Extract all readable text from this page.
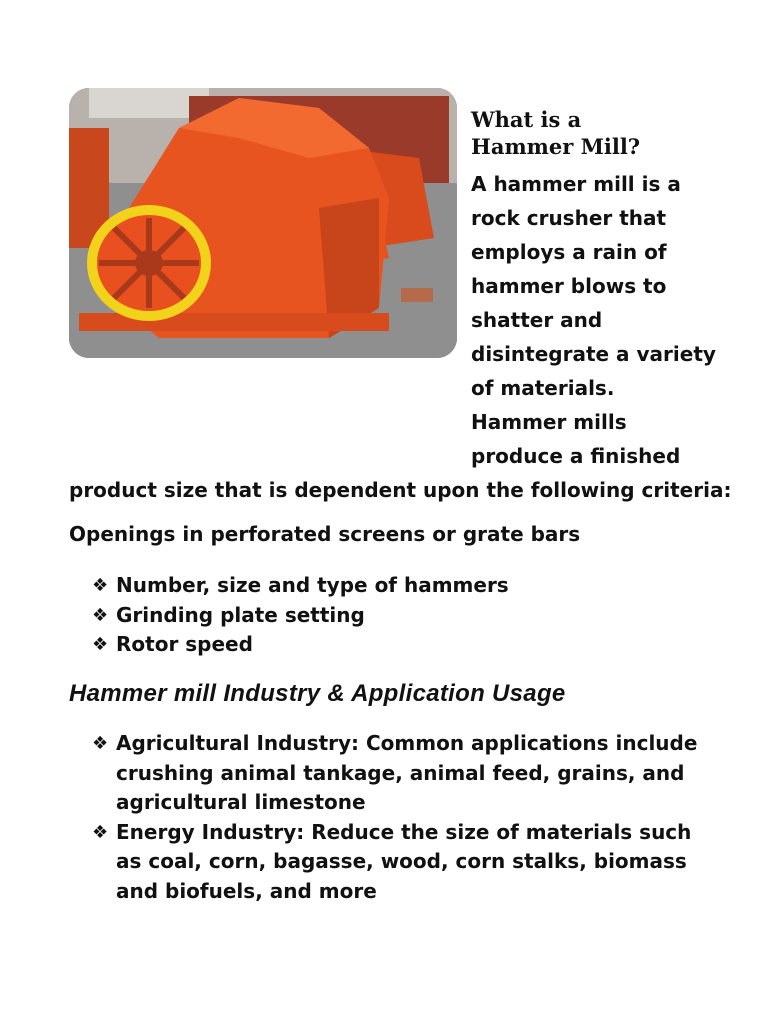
What is a
Hammer Mill?
A hammer mill is a
rock crusher that
employs a rain of
hammer blows to
shatter and
disintegrate a variety
of materials.
Hammer mills
produce a finished
product size that is dependent upon the following criteria:
Openings in perforated screens or grate bars
❖ Number, size and type of hammers
❖ Grinding plate setting
❖ Rotor speed
Hammer mill Industry & Application Usage
❖ Agricultural Industry: Common applications include crushing animal tankage, animal feed, grains, and agricultural limestone
❖ Energy Industry: Reduce the size of materials such as coal, corn, bagasse, wood, corn stalks, biomass and biofuels, and more
